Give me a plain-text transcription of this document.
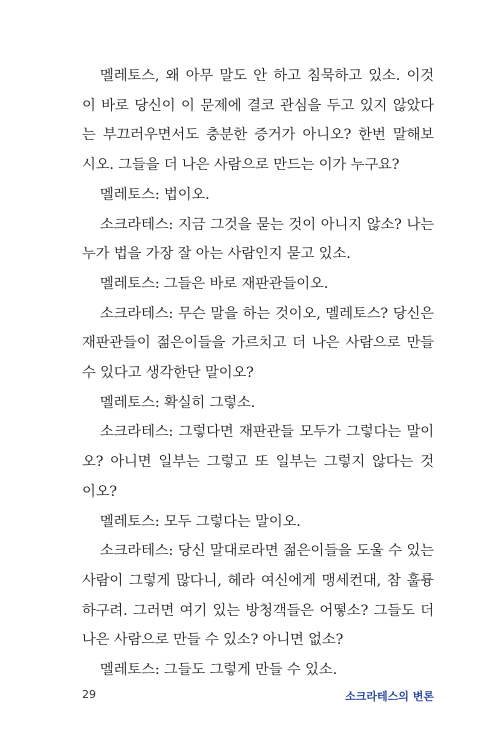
멜레토스, 왜 아무 말도 안 하고 침묵하고 있소. 이것
이 바로 당신이 이 문제에 결코 관심을 두고 있지 않았다
는 부끄러우면서도 충분한 증거가 아니오? 한번 말해보
시오. 그들을 더 나은 사람으로 만드는 이가 누구요?

멜레토스: 법이오.

소크라테스: 지금 그것을 묻는 것이 아니지 않소? 나는
누가 법을 가장 잘 아는 사람인지 묻고 있소.

멜레토스: 그들은 바로 재판관들이오.

소크라테스: 무슨 말을 하는 것이오, 멜레토스? 당신은
재판관들이 젊은이들을 가르치고 더 나은 사람으로 만들
수 있다고 생각한단 말이오?

멜레토스: 확실히 그렇소.

소크라테스: 그렇다면 재판관들 모두가 그렇다는 말이
오? 아니면 일부는 그렇고 또 일부는 그렇지 않다는 것
이오?

멜레토스: 모두 그렇다는 말이오.

소크라테스: 당신 말대로라면 젊은이들을 도울 수 있는
사람이 그렇게 많다니, 헤라 여신에게 맹세컨대, 참 훌륭
하구려. 그러면 여기 있는 방청객들은 어떻소? 그들도 더
나은 사람으로 만들 수 있소? 아니면 없소?

멜레토스: 그들도 그렇게 만들 수 있소.

29	소크라테스의 변론
